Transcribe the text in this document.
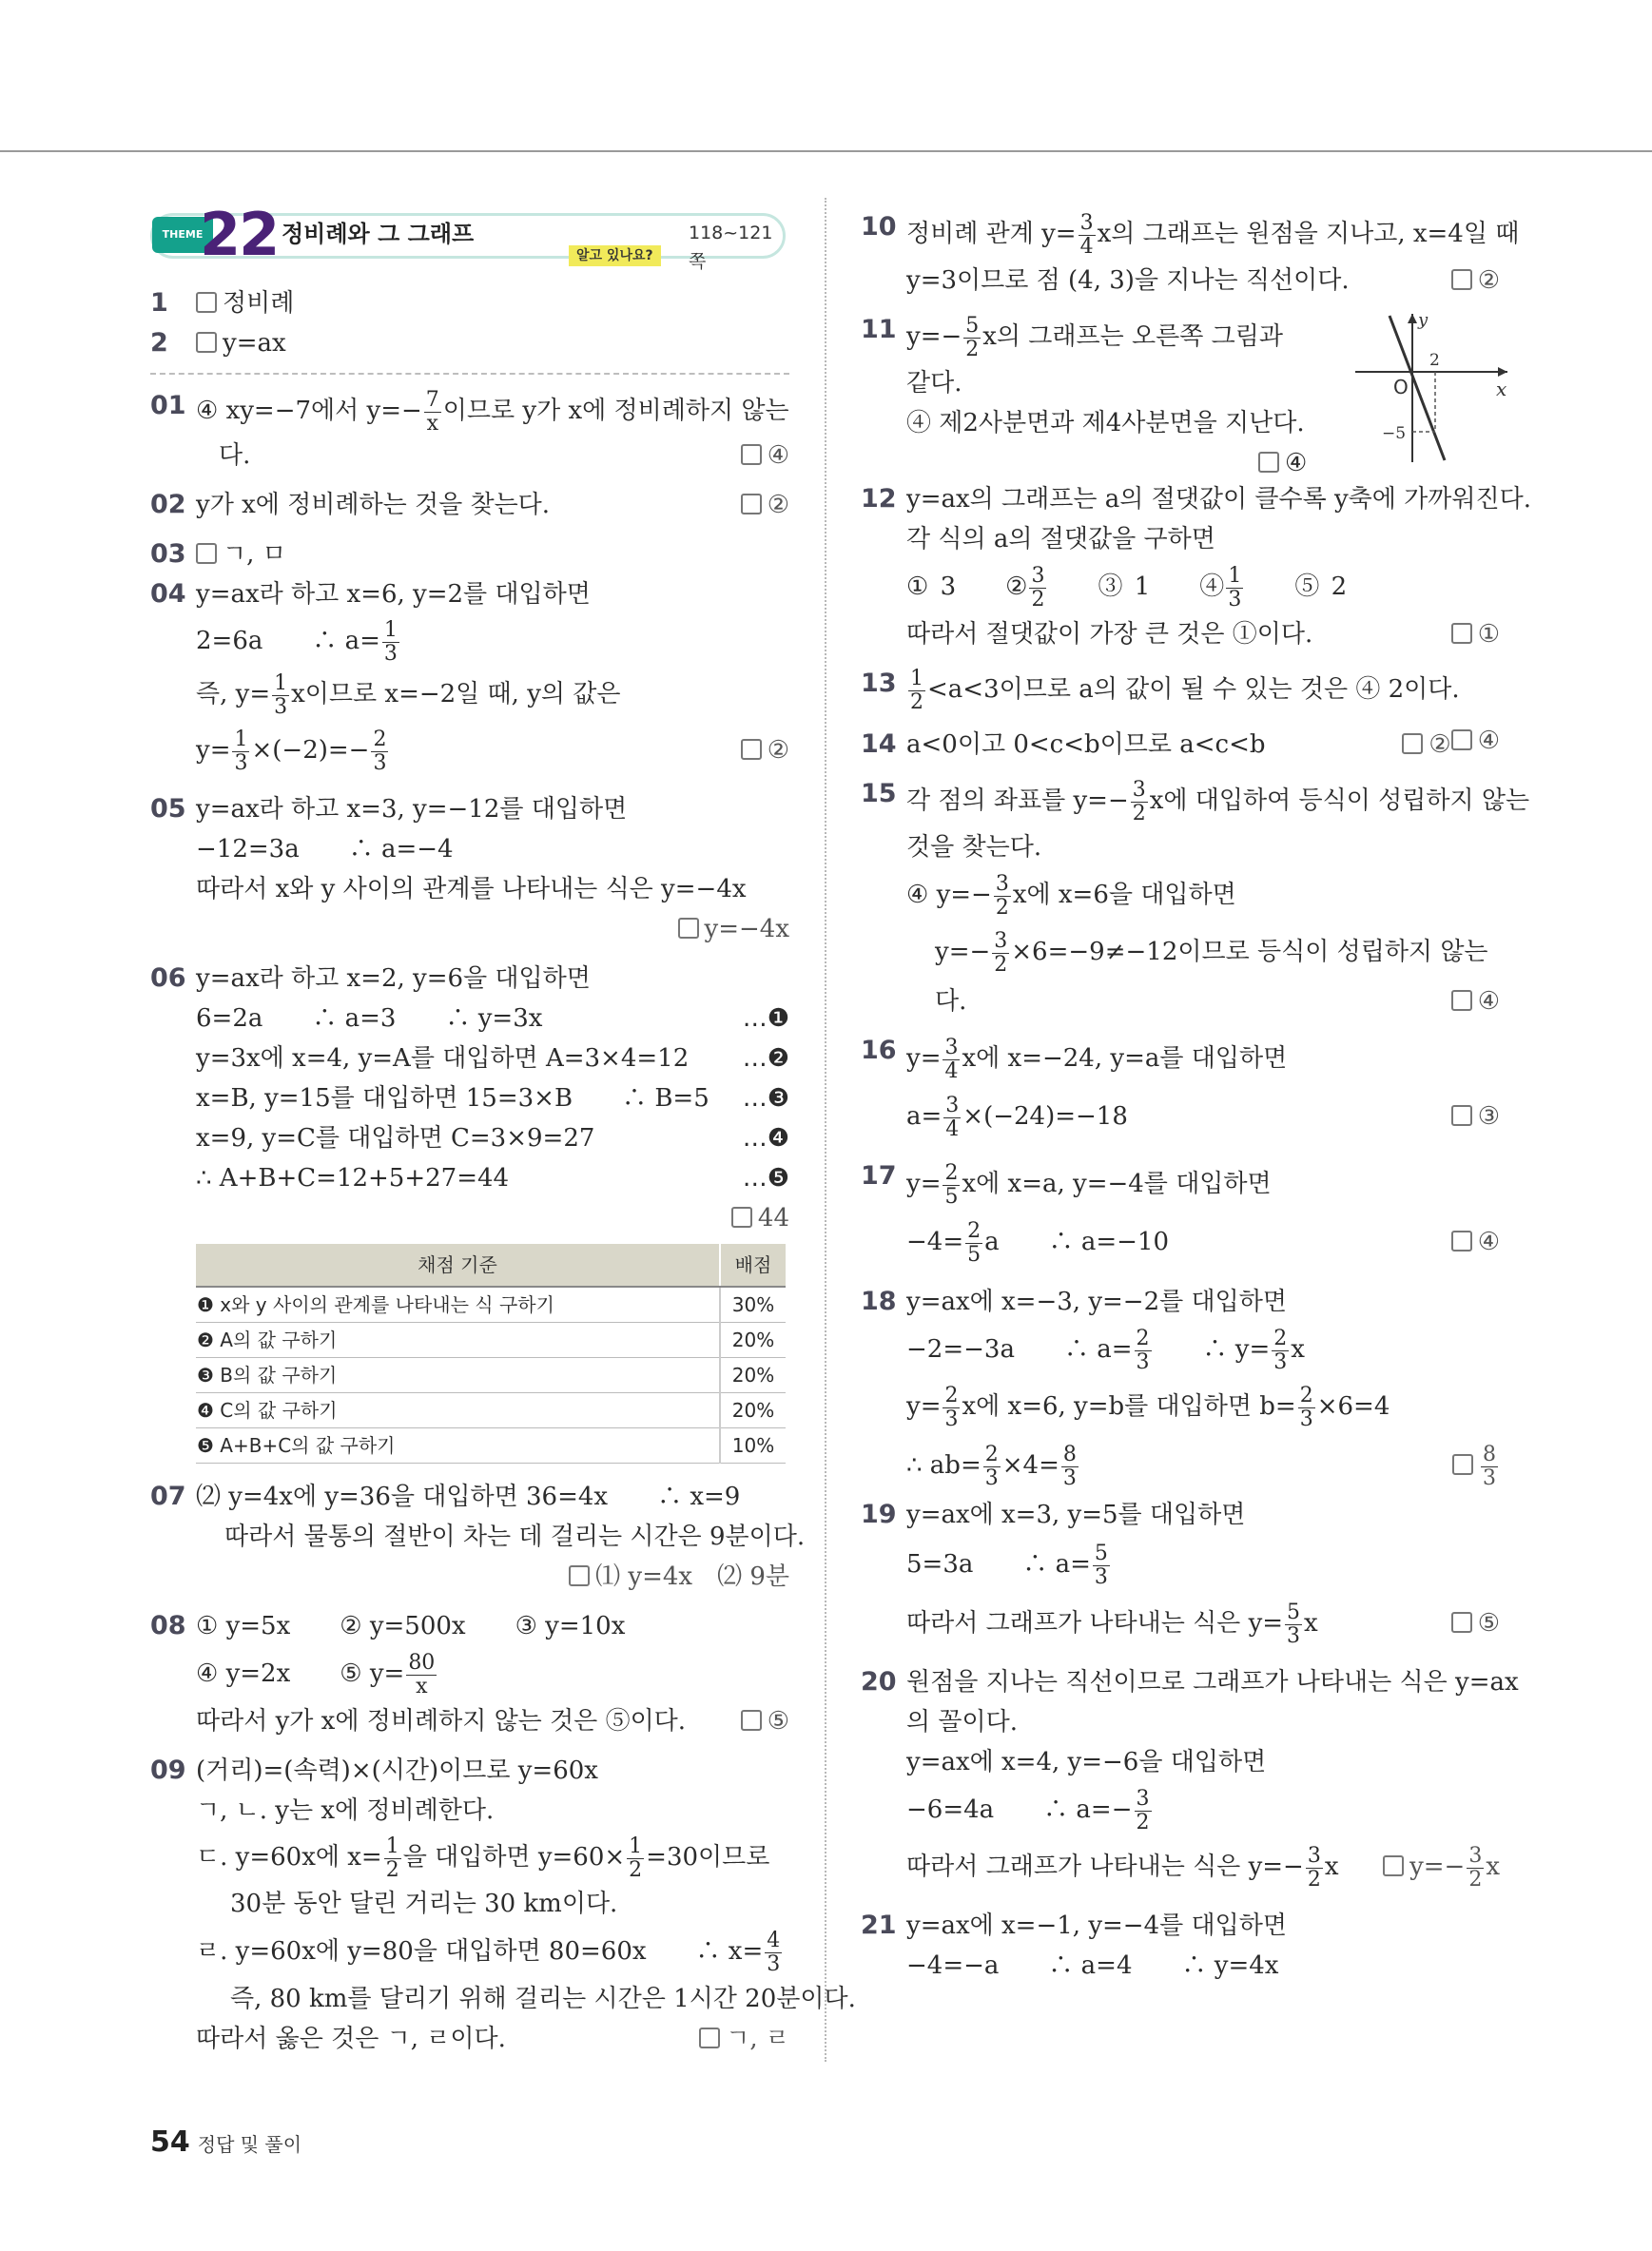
THEME
22 정비례와 그 그래프	118~121쪽
알고 있나요?
1	정비례
2	y=ax
01 ④ xy=−7에서 $y=- \frac{7}{x}$ 이므로 y가 x에 정비례하지 않는
다.	④
02 y가 x에 정비례하는 것을 찾는다.	②
03	ㄱ, ㅁ
04 y=ax라 하고 x=6, y=2를 대입하면
2=6a　　∴ $a= \frac{1}{3}$
즉, $y= \frac{1}{3}$ x이므로 x=−2일 때, y의 값은
$y= \frac{1}{3} \times(-2)=- \frac{2}{3}$	②
05 y=ax라 하고 x=3, y=−12를 대입하면
−12=3a　　∴ a=−4
따라서 x와 y 사이의 관계를 나타내는 식은 y=−4x
y=−4x
06 y=ax라 하고 x=2, y=6을 대입하면
6=2a　　∴ a=3　　∴ y=3x	…❶
y=3x에 x=4, y=A를 대입하면 A=3×4=12 …❷
x=B, y=15를 대입하면 15=3×B　　∴ B=5 …❸
x=9, y=C를 대입하면 C=3×9=27	…❹
∴ A+B+C=12+5+27=44	…❺
44
채점 기준	배점
❶ x와 y 사이의 관계를 나타내는 식 구하기	30%
❷ A의 값 구하기	20%
❸ B의 값 구하기	20%
❹ C의 값 구하기	20%
❺ A+B+C의 값 구하기	10%
07 ⑵ y=4x에 y=36을 대입하면 36=4x　　∴ x=9
따라서 물통의 절반이 차는 데 걸리는 시간은 9분이다.
⑴ y=4x　⑵ 9분
08 ① y=5x　　② y=500x　　③ y=10x
④ y=2x　　⑤ $y= \frac{80}{x}$
따라서 y가 x에 정비례하지 않는 것은 ⑤이다.	⑤
09 (거리)=(속력)×(시간)이므로 y=60x
ㄱ, ㄴ. y는 x에 정비례한다.
ㄷ. y=60x에 $x= \frac{1}{2}$ 을 대입하면 $y=60\times \frac{1}{2} =30$이므로
30분 동안 달린 거리는 30 km이다.
ㄹ. y=60x에 y=80을 대입하면 80=60x　　∴ $x= \frac{4}{3}$
즉, 80 km를 달리기 위해 걸리는 시간은 1시간 20분이다.
따라서 옳은 것은 ㄱ, ㄹ이다.	ㄱ, ㄹ
10 정비례 관계 $y= \frac{3}{4}$ x의 그래프는 원점을 지나고, x=4일 때
y=3이므로 점 (4, 3)을 지나는 직선이다.	②
11 $y=- \frac{5}{2}$ x의 그래프는 오른쪽 그림과
같다.
④ 제2사분면과 제4사분면을 지난다.
④
y
x
O
2
−5
12 y=ax의 그래프는 a의 절댓값이 클수록 y축에 가까워진다.
각 식의 a의 절댓값을 구하면
① 3　　 ② $\frac{3}{2}$
　　 ③ 1　　 ④ $\frac{1}{3}$
　　 ⑤ 2
따라서 절댓값이 가장 큰 것은 ①이다.	①
$13 \frac{1}{2} <a<3$이므로 a의 값이 될 수 있는 것은 ④ 2이다.
④
14 a<0이고 0<c<b이므로 a<c<b	②
15 각 점의 좌표를 $y=- \frac{3}{2}$ x에 대입하여 등식이 성립하지 않는
것을 찾는다.
④ $y=- \frac{3}{2}$ x에 x=6을 대입하면
$y=- \frac{3}{2} \times 6=-9\ne-12$이므로 등식이 성립하지 않는
다.	④
16 $y= \frac{3}{4}$ x에 x=−24, y=a를 대입하면
$a= \frac{3}{4} \times(-24)=-18$	③
17 $y= \frac{2}{5}$ x에 x=a, y=−4를 대입하면
$-4= \frac{2}{5}$ a　　∴ a=−10	④
18 y=ax에 x=−3, y=−2를 대입하면
−2=−3a　　∴ $a= \frac{2}{3}$ 　　∴ $y= \frac{2}{3}$ x
$y= \frac{2}{3}$ x에 x=6, y=b를 대입하면 $b= \frac{2}{3} \times 6=4$
∴ $ab= \frac{2}{3} \times 4= \frac{8}{3}$	$\frac{8}{3}$
19 y=ax에 x=3, y=5를 대입하면
5=3a　　∴ $a= \frac{5}{3}$
따라서 그래프가 나타내는 식은 $y= \frac{5}{3}$ x	⑤
20 원점을 지나는 직선이므로 그래프가 나타내는 식은 y=ax
의 꼴이다.
y=ax에 x=4, y=−6을 대입하면
−6=4a　　∴ $a=- \frac{3}{2}$
따라서 그래프가 나타내는 식은 $y=- \frac{3}{2}$ x	$y=- \frac{3}{2}$ x
21 y=ax에 x=−1, y=−4를 대입하면
−4=−a　　∴ a=4　　∴ y=4x
54 정답 및 풀이
